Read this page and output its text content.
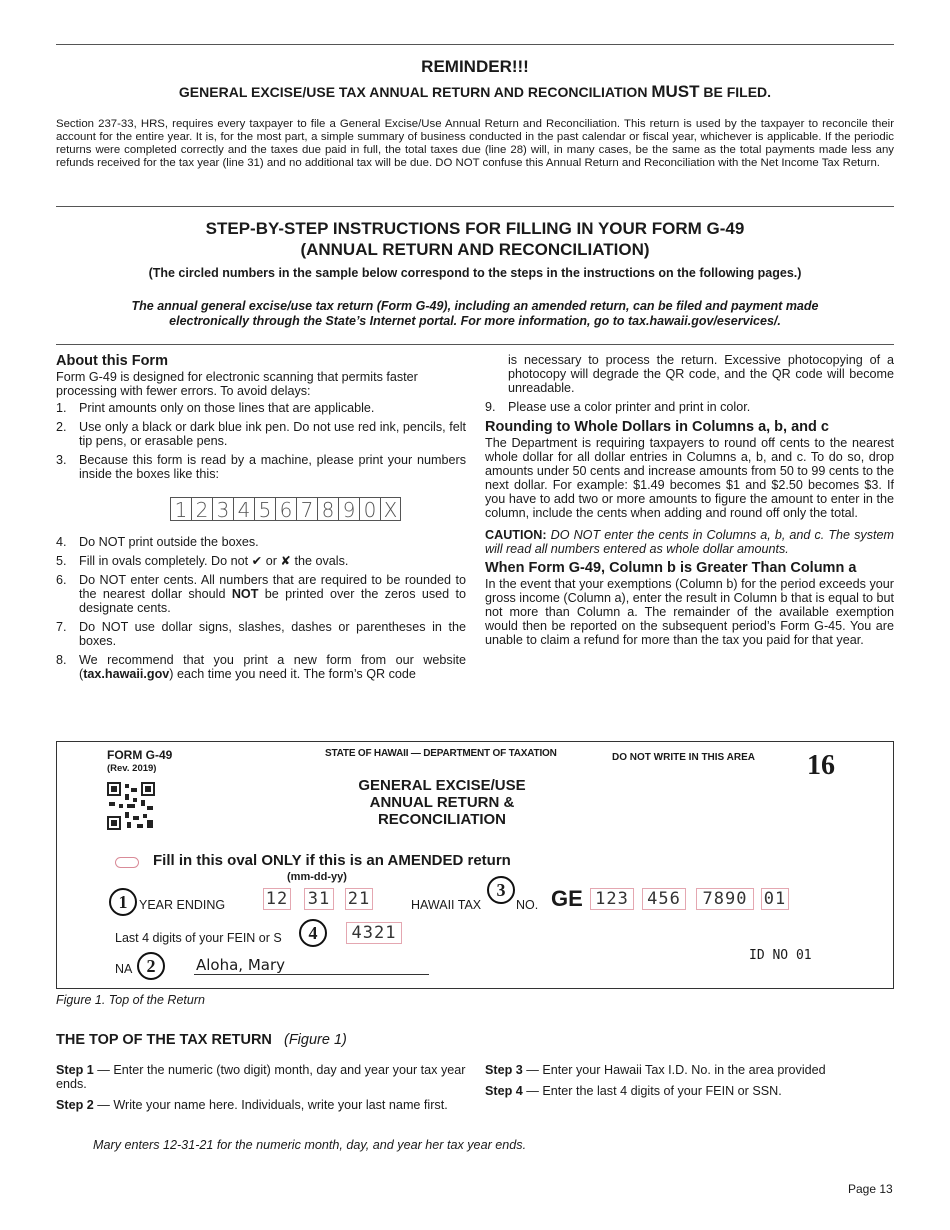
REMINDER!!!
GENERAL EXCISE/USE TAX ANNUAL RETURN AND RECONCILIATION MUST BE FILED.
Section 237-33, HRS, requires every taxpayer to file a General Excise/Use Annual Return and Reconciliation. This return is used by the taxpayer to reconcile their account for the entire year. It is, for the most part, a simple summary of business conducted in the past calendar or fiscal year, whichever is applicable. If the periodic returns were completed correctly and the taxes due paid in full, the total taxes due (line 28) will, in many cases, be the same as the total payments made less any refunds received for the tax year (line 31) and no additional tax will be due. DO NOT confuse this Annual Return and Reconciliation with the Net Income Tax Return.
STEP-BY-STEP INSTRUCTIONS FOR FILLING IN YOUR FORM G-49
(ANNUAL RETURN AND RECONCILIATION)
(The circled numbers in the sample below correspond to the steps in the instructions on the following pages.)
The annual general excise/use tax return (Form G-49), including an amended return, can be filed and payment made
electronically through the State’s Internet portal. For more information, go to tax.hawaii.gov/eservices/.
About this Form

Form G-49 is designed for electronic scanning that permits faster processing with fewer errors. To avoid delays:

1. Print amounts only on those lines that are applicable.
2. Use only a black or dark blue ink pen. Do not use red ink, pencils, felt tip pens, or erasable pens.
3. Because this form is read by a machine, please print your numbers inside the boxes like this:
1 2 3 4 5 6 7 8 9 0 X
4. Do NOT print outside the boxes.
5. Fill in ovals completely. Do not ✔ or ✘ the ovals.
6. Do NOT enter cents. All numbers that are required to be rounded to the nearest dollar should NOT be printed over the zeros used to designate cents.
7. Do NOT use dollar signs, slashes, dashes or parentheses in the boxes.
8. We recommend that you print a new form from our website (tax.hawaii.gov) each time you need it. The form’s QR code

is necessary to process the return. Excessive photocopying of a photocopy will degrade the QR code, and the QR code will become unreadable.

9. Please use a color printer and print in color.
Rounding to Whole Dollars in Columns a, b, and c

The Department is requiring taxpayers to round off cents to the nearest whole dollar for all dollar entries in Columns a, b, and c. To do so, drop amounts under 50 cents and increase amounts from 50 to 99 cents to the next dollar. For example: $1.49 becomes $1 and $2.50 becomes $3. If you have to add two or more amounts to figure the amount to enter in the column, include the cents when adding and round off only the total.

CAUTION: DO NOT enter the cents in Columns a, b, and c. The system will read all numbers entered as whole dollar amounts.

When Form G-49, Column b is Greater Than Column a

In the event that your exemptions (Column b) for the period exceeds your gross income (Column a), enter the result in Column b that is equal to but not more than Column a. The remainder of the available exemption would then be reported on the subsequent period’s Form G-45. You are unable to claim a refund for more than the tax you paid for that year.

FORM G-49
(Rev. 2019)
STATE OF HAWAII — DEPARTMENT OF TAXATION	DO NOT WRITE IN THIS AREA 16
GENERAL EXCISE/USE
ANNUAL RETURN &
RECONCILIATION
Fill in this oval ONLY if this is an AMENDED return
(mm-dd-yy)
1 YEAR ENDING 12 31 21	HAWAII TAX
3
NO. GE 123	456	7890 01
Last 4 digits of your FEIN or S	4	4321
NA 2	Aloha, Mary
ID NO 01
Figure 1. Top of the Return
THE TOP OF THE TAX RETURN (Figure 1)

Step 1 — Enter the numeric (two digit) month, day and year your tax year ends.

Step 2 — Write your name here. Individuals, write your last name first.

Step 3 — Enter your Hawaii Tax I.D. No. in the area provided

Step 4 — Enter the last 4 digits of your FEIN or SSN.

Mary enters 12-31-21 for the numeric month, day, and year her tax year ends.
Page 13
